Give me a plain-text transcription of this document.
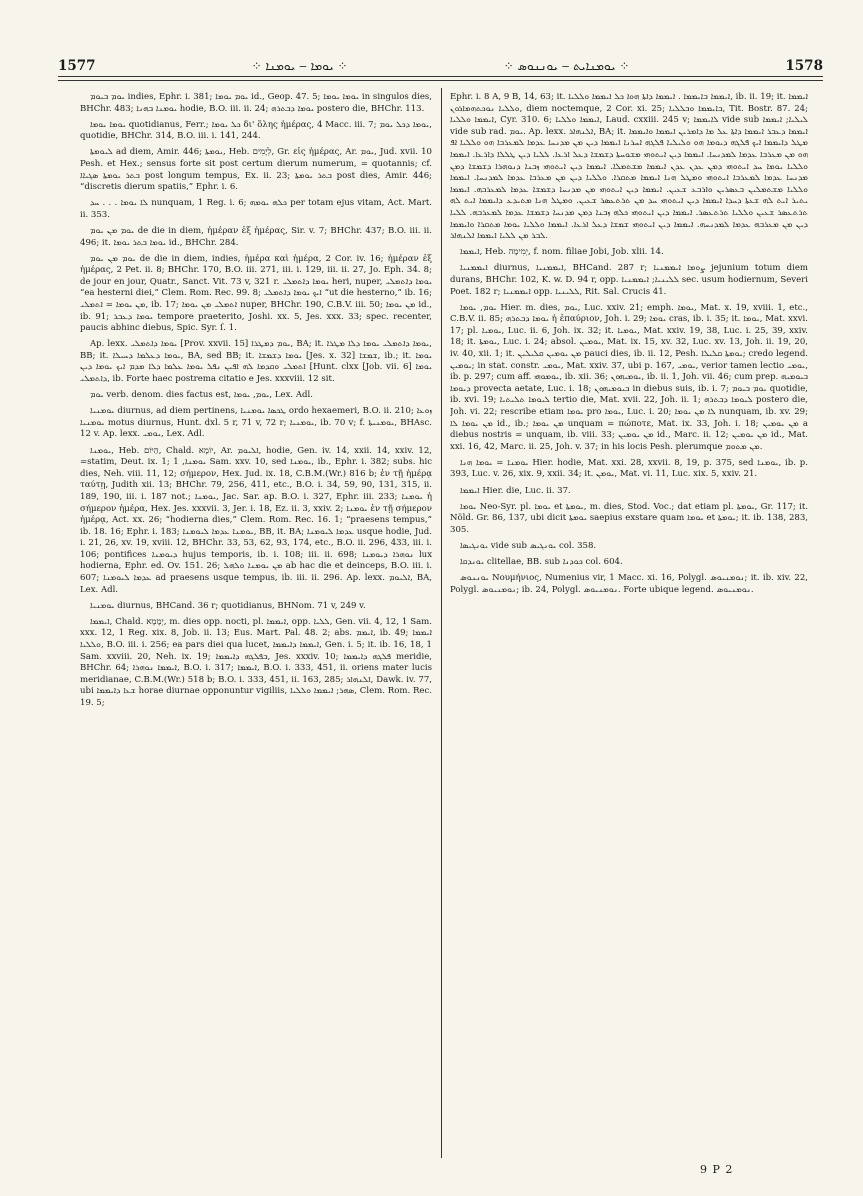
1577	⁘ ܝܘܡܐ ‒ ܝܘܡܢܐ ⁘	⁘ ܝܘܡܢܐܝܬ ‒ ܝܘܢܢܘܣ ⁘	1578

ܝܘܡ ܒܝܘܡ indies, Ephr. i. 381; ܝܘܡ ܝܘܡܐ id., Geop. 47. 5; ܝܘܡܐ ܝܘܡܐ in singulos dies, BHChr. 483; ܝܘܡܢܐ ܒܗܢܐ hodie, B.O. iii. ii. 24; ܝܘܡܐ ܕܒܬܪܗ postero die, BHChr. 113.

ܝܘܡܐ ܝܘܡܐ quotidianus, Ferr.; ܟܠ ܝܘܡܐ δι' ὅλης ἡμέρας, 4 Macc. iii. 7; ܝܘܡܐ ܕܟܠ ܝܘܡ, quotidie, BHChr. 314, B.O. iii. i. 141, 244.

ܠܝܘܡܬܐ ad diem, Amir. 446; ܝܘܡܬܐ, Heb. לְיָמִים, Gr. εἰς ἡμέρας, Ar. ܝܘܡ, Jud. xvii. 10 Pesh. et Hex.; sensus forte sit post certum dierum numerum, = quotannis; cf. ܒܬܪ ܝܘܡܬܐ ܣܓܝܐܐ post longum tempus, Ex. ii. 23; ܒܬܪ ܝܘܡܬܐ post dies, Amir. 446; “discretis dierum spatiis,” Ephr. i. 6.

ܠܐ ܝܘܡܐ . . . ܚܕ nunquam, 1 Reg. i. 6; ܟܠܗ ܝܘܡܗ per totam ejus vitam, Act. Mart. ii. 353.

ܝܘܡ ܡܢ ܝܘܡ de die in diem, ἡμέραν ἐξ ἡμέρας, Sir. v. 7; BHChr. 437; B.O. iii. ii. 496; it. ܝܘܡܐ ܒܬܪ ܝܘܡܐ id., BHChr. 284.

ܝܘܡ ܡܢ ܝܘܡ de die in diem, indies, ἡμέρα καὶ ἡμέρα, 2 Cor. iv. 16; ἡμέραν ἐξ ἡμέρας, 2 Pet. ii. 8; BHChr. 170, B.O. iii. 271, iii. i. 129, iii. ii. 27, Jo. Eph. 34. 8; de jour en jour, Quatr., Sanct. Vit. 73 v, 321 r. ܝܘܡܐ ܕܐܬܡܠܝ heri, nuper, ܝܘܡܐ ܕܐܬܡܠܝ “ea hesterni diei,” Clem. Rom. Rec. 99. 8; ܐܝܟ ܝܘܡܐ ܕܐܬܡܠܝ “ut die hesterno,” ib. 16; ܡܢ ܝܘܡܐ = ܐܬܡܠܝ, ib. 17; ܐܬܡܠܝ ܡܢ ܝܘܡܐ nuper, BHChr. 190, C.B.V. iii. 50; ܡܢ ܝܘܡܐ id., ib. 91; ܝܘܡܐ ܕܥܒܪ tempore praeterito, Joshi. xx. 5, Jes. xxx. 33; spec. recenter, paucis abhinc diebus, Spic. Syr. ſ. 1.

Ap. lexx. ܝܘܡܐ ܕܐܬܡܠܝ [Prov. xxvii. 15] ܝܘܡ ܕܡܛܪܐ, BA; it. ܝܘܡܐ ܕܐܬܡܠܝ ܝܘܡܐ ܕܠܐ ܡܛܪܐ, BB; it. ܝܘܡܐ ܕܥܠܡܐ ܕܚܝܠܐ, BA, sed BB; it. ܝܘܡܐ ܕܫܡܫܐ [Jes. x. 32] ܫܡܫܐ, ib.; it. ܝܘܡܐ ܐܬܡܠܝ ܘܩܕܡܐ ܠܗ ܐܦܝܢ ܢܦܠ ܝܘܡܐ ܥܠܡܐ ܕܠܐ ܡܕܡ ܐܝܟ ܝܘܡܐ ܕܝܢ [Hunt. clxx [Job. vii. 6] ܝܘܡܐ ܕܐܬܡܠܝ, ib. Forte haec postrema citatio e Jes. xxxviii. 12 sit.

ܝܘܡ verb. denom. dies factus est, ܝܘܡ, ܝܘܡܐ, Lex. Adl.

ܝܘܡܢܝܐ diurnus, ad diem pertinens, ܛܟܣܐ ܝܘܡܢܝܐ ordo hexaemeri, B.O. ii. 210; ܙܘܥܐ ܝܘܡܢܝܐ motus diurnus, Hunt. dxl. 5 r, 71 v, 72 r; ܝܘܡܢܝܐ, ib. 70 v; f. ܝܘܡܢܝܬܐ, BHAsc. 12 v. Ap. lexx. ܝܘܡܝ, Lex. Adl.

ܝܘܡܢܐ, Heb. הַיּוֹם, Chald. יוֹמָא, Ar. ܐܠܝܘܡ, hodie, Gen. iv. 14, xxii. 14, xxiv. 12, =statim, Deut. ix. 1; ܝܘܡܢܐ, 1 Sam. xxv. 10, sed ܝܘܡܢܐ, ib., Ephr. i. 382; subs. hic dies, Neh. viii. 11, 12; σήμερον, Hex. Jud. ix. 18, C.B.M.(Wr.) 816 b; ἐν τῇ ἡμέρᾳ ταύτῃ, Judith xii. 13; BHChr. 79, 256, 411, etc., B.O. i. 34, 59, 90, 131, 315, ii. 189, 190, iii. i. 187 not.; ܝܘܡܢܐ, Jac. Sar. ap. B.O. i. 327, Ephr. iii. 233; ܝܘܡܢܐ ἡ σήμερον ἡμέρα, Hex. Jes. xxxvii. 3, Jer. i. 18, Ez. ii. 3, xxiv. 2; ܝܘܡܢܐ ἐν τῇ σήμερον ἡμέρᾳ, Act. xx. 26; “hodierna dies,” Clem. Rom. Rec. 16. 1; “praesens tempus,” ib. 18. 16; Ephr. i. 183; ܝܘܡܢܐ ܥܕܡܐ ܠܝܘܡܢܐ, BB, it. BA; ܥܕܡܐ ܠܝܘܡܢܐ usque hodie, Jud. i. 21, 26, xv. 19, xviii. 12, BHChr. 33, 53, 62, 93, 174, etc., B.O. ii. 296, 433, iii. i. 106; pontifices ܕܝܘܡܢܐ hujus temporis, ib. i. 108; iii. ii. 698; ܢܘܗܪܐ ܕܝܘܡܢܐ lux hodierna, Ephr. ed. Ov. 151. 26; ܡܢ ܝܘܡܢܐ ܘܠܗܠ ab hac die et deinceps, B.O. iii. i. 607; ܥܕܡܐ ܠܝܘܡܢܐ ad praesens usque tempus, ib. iii. ii. 296. Ap. lexx. ܐܠܝܘܡ, BA, Lex. Adl.

ܝܘܡܢܝܐ diurnus, BHCand. 36 r; quotidianus, BHNom. 71 v, 249 v.

ܐܝܡܡܐ, Chald. יְמָמָא, m. dies opp. nocti, pl. ܐܝܡܡܐ, opp. ܠܠܝܐ, Gen. vii. 4, 12, 1 Sam. xxx. 12, 1 Reg. xix. 8, Job. ii. 13; Eus. Mart. Pal. 48. 2; abs. ܐܝܡܡ, ib. 49; ܐܝܡܡܐ ܘܠܠܝܐ, B.O. iii. i. 256; ea pars diei qua lucet, ܐܝܡܡܐ ܕܐܝܡܡܐ, Gen. i. 5; it. ib. 16, 18, 1 Sam. xxviii. 20, Neh. ix. 19; ܒܦܠܓܗ ܕܐܝܡܡܐ, Jes. xxxiv. 10; ܦܠܓܗ ܕܐܝܡܡܐ meridie, BHChr. 64; ܐܝܡܡܐ ܢܘܗܪܐ, B.O. i. 317; ܐܝܡܡܐ, B.O. i. 333, 451, ii. oriens mater lucis meridianae, C.B.M.(Wr.) 518 b; B.O. i. 333, 451, ii. 163, 285; ܐܠܢܗܐܪ, Dawk. iv. 77, ubi ܫܥܐ ܕܐܝܡܡܐ horae diurnae opponuntur vigiliis, ܣܗܪ; ܐܝܡܡܐ ܘܠܠܝܐ, Clem. Rom. Rec. 19. 5;

Ephr. i. 8 A, 9 B, 14, 63; it. ܐܝܡܡܐ ܒܐܝܡܡܐ . ܐܝܡܡܐ ܕܐܬܐ ܗܘܐ ܟܠ ܐܝܡܡܐ ܘܠܠܝܐ, ib. ii. 19; it. ܐܝܡܡܐ ܘܠܠܝܐ ܢܘܟܬܗܡܐܪܘܢ, diem noctemque, 2 Cor. xi. 25; ܒܐܝܡܡܐ ܘܒܠܠܝܐ, Tit. Bostr. 87. 24; ܐܝܡܡܐ ܘܠܠܝܐ, Cyr. 310. 6; ܐܝܡܡܐ ܘܠܠܝܐ, Laud. cxxiii. 245 v; ܠܐܝܡܡܐ vide sub ܠܝܠܝܐ; ܐܝܡܡܐ vide sub rad. ܝܘܡ. Ap. lexx. ܐܠܢܗܐܪ, BA; it. ܐܝܡܡܐ ܕܥܒܪ ܐܝܡܡܐ ܕܐܬܐ ܥܠ ܡܐ ܕܐܡܪܝܢ ܐܝܡܡܐ ܘܐܝܡܡܐ ܡܛܠ ܕܐܝܡܡܐ ܐܝܟ ܦܠܓܗ ܕܝܘܡܐ ܗܘ ܘܠܝܠܝܐ ܦܠܓܗ ܐܚܪܢܐ ܐܝܡܡܐ ܕܝܢ ܡܢ ܡܕܢܚܐ ܥܕܡܐ ܠܡܥܪܒܐ ܗܘ ܘܠܠܝܐ ܐܦ ܗܘ ܡܢ ܡܥܪܒܐ ܥܕܡܐ ܠܡܕܢܚܐ. ܐܝܡܡܐ ܕܝܢ ܐܝܬܘܗܝ ܡܫܘܚܬܐ ܕܫܡܫܐ ܕܥܠ ܐܪܥܐ. ܠܠܝܐ ܕܝܢ ܛܠܠܐ ܕܐܪܥܐ. ܐܝܡܡܐ ܘܠܠܝܐ ܝܘܡܐ ܚܕ ܐܝܬܘܗܝ ܕܡܢ ܥܕܢ ܥܕܢ ܐܝܡܡܐ ܡܫܬܡܠܐ. ܐܝܡܡܐ ܕܝܢ ܐܝܬܘܗܝ ܙܒܢܐ ܕܢܘܗܪܐ ܕܫܡܫܐ ܕܡܢ ܡܕܢܚܐ ܥܕܡܐ ܠܡܥܪܒܐ ܐܝܬܘܗܝ ܘܡܛܠ ܗܢܐ ܐܝܡܡܐ ܡܬܩܪܐ. ܘܠܠܝܐ ܕܝܢ ܡܢ ܡܥܪܒܐ ܥܕܡܐ ܠܡܕܢܚܐ. ܐܝܡܡܐ ܘܠܠܝܐ ܡܫܬܡܠܝܢ ܒܥܣܪܝܢ ܘܐܪܒܥ ܫܥܝܢ. ܐܝܡܡܐ ܕܝܢ ܐܝܬܘܗܝ ܡܢ ܡܕܢܚܐ ܕܫܡܫܐ ܥܕܡܐ ܠܡܥܪܒܗ. ܐܝܡܡܐ ܝܬܝܪ ܐܝܬ ܠܗ ܫܥܬܐ ܕܚܕܐ ܐܝܡܡܐ ܕܝܢ ܐܝܬܘܗܝ ܚܕ ܡܢ ܬܪܬܥܣܪ ܫܥܝܢ. ܘܡܛܠ ܗܢܐ ܡܬܝܕܥ ܕܐܝܡܡܐ ܐܝܬ ܠܗ ܬܪܬܥܣܪ ܫܥܝܢ ܘܠܠܝܐ ܬܪܬܥܣܪ. ܐܝܡܡܐ ܕܝܢ ܐܝܬܘܗܝ ܟܠܗ ܙܒܢܐ ܕܡܢ ܡܕܢܚܐ ܕܫܡܫܐ ܥܕܡܐ ܠܡܥܪܒܗ. ܠܠܝܐ ܕܝܢ ܡܢ ܡܥܪܒܗ ܥܕܡܐ ܠܡܕܢܚܗ. ܐܝܡܡܐ ܕܝܢ ܐܝܬܘܗܝ ܫܡܫܐ ܕܥܠ ܐܪܥܐ. ܐܝܡܡܐ ܘܠܠܝܐ ܝܘܡܐ ܡܬܩܪܐ ܘܐܝܡܡܐ ܠܒܪ ܡܢ ܠܠܝܐ ܐܝܡܡܐ ܐܠܢܗܐܪ.

ܐܝܡܡܐ, Heb. יְמִימָה, f. nom. filiae Jobi, Job. xlii. 14.

ܐܝܡܡܢܝܐ diurnus, ܐܝܡܡܢܝܐ, BHCand. 287 r; ܨܘܡܐ ܐܝܡܡܢܝܐ jejunium totum diem durans, BHChr. 102, K. w. D. 94 r, opp. ܠܠܝܢܝܐ; ܐܝܡܡܢܝܐ sec. usum hodiernum, Severi Poet. 182 r; ܐܝܡܡܢܝܐ opp. ܠܠܝܢܝܐ, Rit. Sal. Crucis 41.

ܝܘܡ, ܝܘܡܐ Hier. m. dies, ܝܘܡ, Luc. xxiv. 21; emph. ܝܘܡܐ, Mat. x. 19, xviii. 1, etc., C.B.V. ii. 85; ܝܘܡܐ ܕܒܬܪܗ ἡ ἐπαύριον, Joh. i. 29; ܝܘܡܐ cras, ib. i. 35; it. ܝܘܡܐ, Mat. xxvi. 17; pl. ܝܘܡܝܐ, Luc. ii. 6, Joh. ix. 32; it. ܝܘܡܝܐ, Mat. xxiv. 19, 38, Luc. i. 25, 39, xxiv. 18; it. ܝܘܡܬܐ, Luc. i. 24; absol. ܝܘܡܝܢ, Mat. ix. 15, xv. 32, Luc. xv. 13, Joh. ii. 19, 20, iv. 40, xii. 1; it. ܡܢ ܝܘܡܝܢ ܩܠܝܠܝܢ pauci dies, ib. ii. 12, Pesh. ܝܘܡܬܐ ܩܠܝܠܐ; credo legend. ܝܘܡܝܢ; in stat. constr. ܝܘܡܝ, Mat. xxiv. 37, ubi p. 167, ܝܘܡܝ, verior tamen lectio ܝܘܡܝ, ib. p. 297; cum aff. ܝܘܡܘܗܝ, ib. xii. 36; ܝܘܡܝܗܘܢ, ib. ii. 1, Joh. vii. 46; cum prep. ܒܝܘܡܝܗ ܕܝܘܡܐ provecta aetate, Luc. i. 18; ܒܝܘܡܝܗܘܢ in diebus suis, ib. i. 7; ܝܘܡ ܒܝܘܡ quotidie, ib. xvi. 19; ܠܝܘܡܐ ܬܠܝܬܝܐ tertio die, Mat. xvii. 22, Joh. ii. 1; ܠܝܘܡܐ ܕܒܬܪܗ postero die, Joh. vi. 22; rescribe etiam ܝܘܡܐ pro ܝܘܡܐ, Luc. i. 20; ܠܐ ܡܢ ܝܘܡܐ nunquam, ib. xv. 29; ܡܢ ܝܘܡܐ ܠܐ id., ib.; ܡܢ ܝܘܡܐ unquam = πώποτε, Mat. ix. 33, Joh. i. 18; ܡܢ ܝܘܡܝܢ a diebus nostris = unquam, ib. viii. 33; ܡܢ ܝܘܡܝܢ id., Marc. ii. 12; ܡܢ ܝܘܡܝܢ id., Mat. xxi. 16, 42, Marc. ii. 25, Joh. v. 37; in his locis Pesh. plerumque ܡܢ ܡܬܘܡ.

ܝܘܡܢܐ = ܝܘܡܐ ܗܢܐ Hier. hodie, Mat. xxi. 28, xxvii. 8, 19, p. 375, sed ܝܘܡܢܐ, ib. p. 393, Luc. v. 26, xix. 9, xxii. 34; it. ܝܘܡܢ, Mat. vi. 11, Luc. xix. 5, xxiv. 21.

ܐܝܡܡܐ Hier. die, Luc. ii. 37.

ܝܘܡܐ Neo-Syr. pl. ܝܘܡܐ et ܝܘܡܬܐ, m. dies, Stod. Voc.; dat etiam pl. ܝܘܡܬܐ, Gr. 117; it. Nöld. Gr. 86, 137, ubi dicit ܝܘܡܬܐ saepius exstare quam ܝܘܡܐ et ܝܘܡܬܐ; it. ib. 138, 283, 305.

ܝܘܢܓܝܣܐ vide sub ܝܘܢܓܝܣ col. 358.

ܝܘܢܕܩܐ clitellae, BB. sub ܟܘܕܢܐ col. 604.

ܝܘܢܢܘܣ Νουμήνιος, Numenius vir, 1 Macc. xi. 16, Polygl. ܢܘܡܢܝܘܣ; it. ib. xiv. 22, Polygl. ܢܘܡܢܝܘܣ; ib. 24, Polygl. ܢܘܡܢܝܘܣ. Forte ubique legend. ܢܘܡܢܝܘܣ.

9 P 2
